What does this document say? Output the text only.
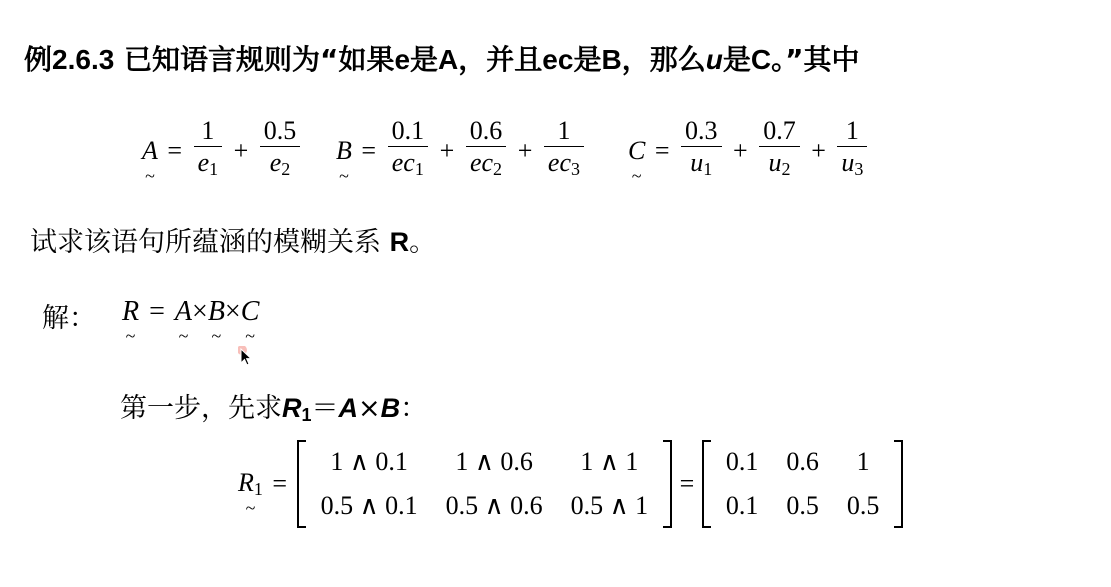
例2.6.3 已知语言规则为“如果e是A，并且ec是B，那么u是C。”其中
A
~
= $\frac{1}{e_1} + \frac{0.5}{e_2}$ B
~
= $\frac{0.1}{ec_1} + \frac{0.6}{ec_2} + \frac{1}{ec_3}$ C
~
= $\frac{0.3}{u_1} + \frac{0.7}{u_2} + \frac{1}{u_3}$
试求该语句所蕴涵的模糊关系 R。
解： R
~
= A
~
×B
~
×C
~
第一步，先求$R_1=A\times B$：
$R_1$
~
=
1 ∧ 0.1	1 ∧ 0.6	1 ∧ 1
0.5 ∧ 0.1	0.5 ∧ 0.6	0.5 ∧ 1
=
0.1	0.6	1
0.1	0.5	0.5
